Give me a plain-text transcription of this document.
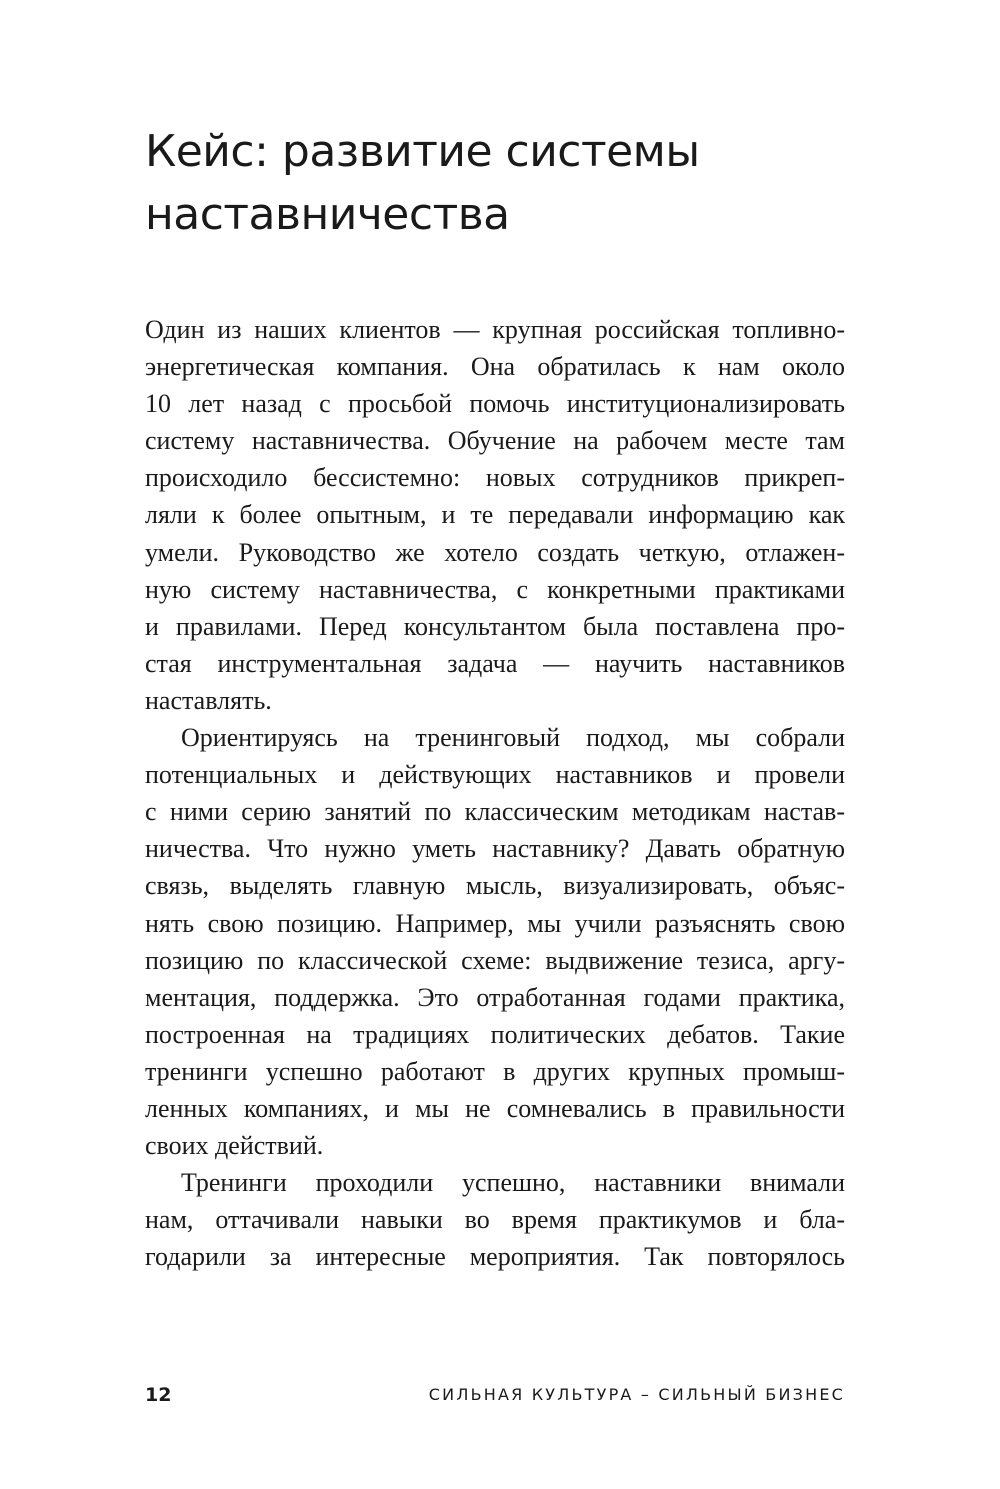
Кейс: развитие системы
наставничества

Один из наших клиентов — крупная российская топливно-
энергетическая компания. Она обратилась к нам около
10 лет назад с просьбой помочь институционализировать
систему наставничества. Обучение на рабочем месте там
происходило бессистемно: новых сотрудников прикреп-
ляли к более опытным, и те передавали информацию как
умели. Руководство же хотело создать четкую, отлажен-
ную систему наставничества, с конкретными практиками
и правилами. Перед консультантом была поставлена про-
стая инструментальная задача — научить наставников
наставлять.

Ориентируясь на тренинговый подход, мы собрали
потенциальных и действующих наставников и провели
с ними серию занятий по классическим методикам настав-
ничества. Что нужно уметь наставнику? Давать обратную
связь, выделять главную мысль, визуализировать, объяс-
нять свою позицию. Например, мы учили разъяснять свою
позицию по классической схеме: выдвижение тезиса, аргу-
ментация, поддержка. Это отработанная годами практика,
построенная на традициях политических дебатов. Такие
тренинги успешно работают в других крупных промыш-
ленных компаниях, и мы не сомневались в правильности
своих действий.

Тренинги проходили успешно, наставники внимали
нам, оттачивали навыки во время практикумов и бла-
годарили за интересные мероприятия. Так повторялось

12	СИЛЬНАЯ КУЛЬТУРА – СИЛЬНЫЙ БИЗНЕС
